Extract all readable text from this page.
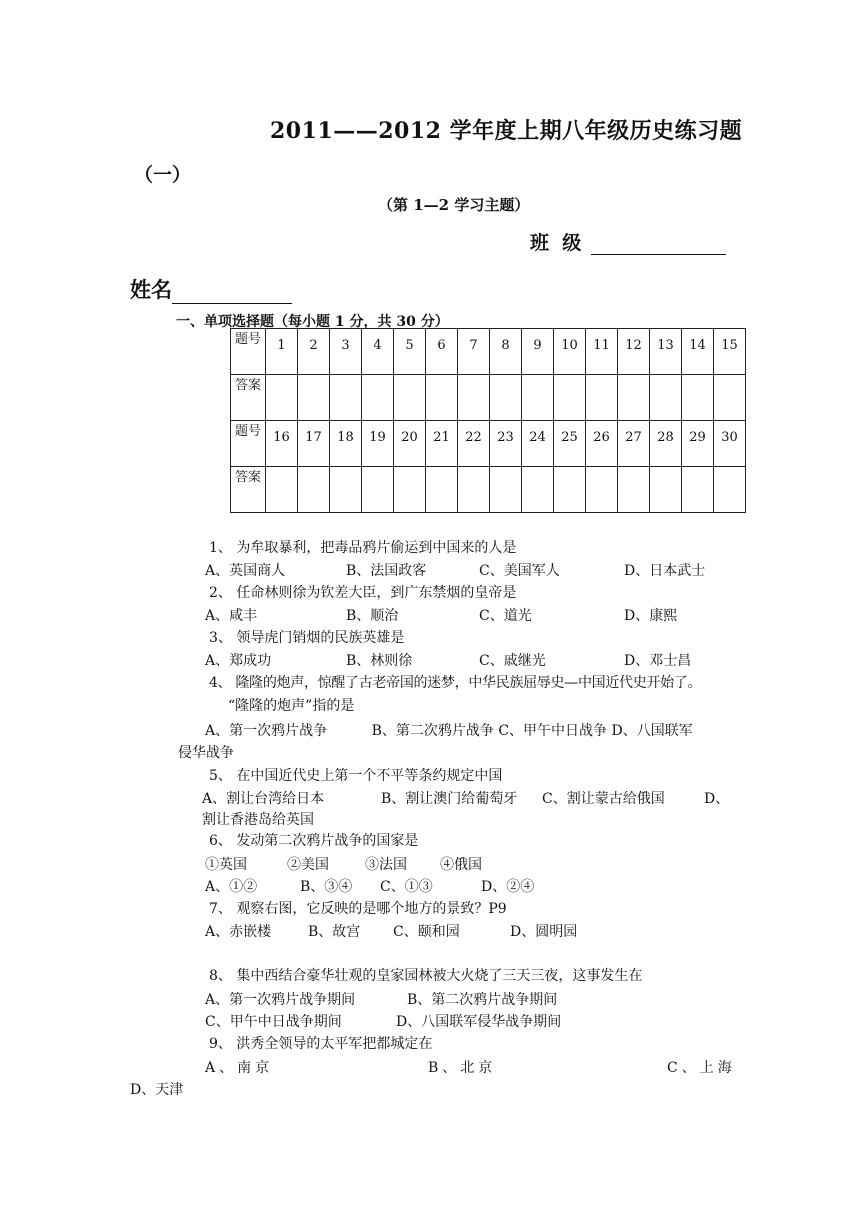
2011——2012 学年度上期八年级历史练习题
（一）
（第 1—2 学习主题）
班  级
姓名
一、单项选择题（每小题 1 分，共 30 分）
题号	1	2	3	4	5	6	7	8	9	10	11	12	13	14	15
答案															
题号	16	17	18	19	20	21	22	23	24	25	26	27	28	29	30
答案															
1、 为牟取暴利，把毒品鸦片偷运到中国来的人是
A、英国商人	B、法国政客	C、美国军人	D、日本武士
2、 任命林则徐为钦差大臣，到广东禁烟的皇帝是
A、咸丰	B、顺治	C、道光	D、康熙
3、 领导虎门销烟的民族英雄是
A、郑成功	B、林则徐	C、戚继光	D、邓士昌
4、 隆隆的炮声，惊醒了古老帝国的迷梦，中华民族屈辱史—中国近代史开始了。
“隆隆的炮声”指的是
A、第一次鸦片战争          B、第二次鸦片战争 C、甲午中日战争 D、八国联军
侵华战争
5、 在中国近代史上第一个不平等条约规定中国
A、割让台湾给日本	B、割让澳门给葡萄牙 C、割让蒙古给俄国	D、
割让香港岛给英国
6、 发动第二次鸦片战争的国家是
①英国	②美国	③法国 ④俄国
A、①②	B、③④ C、①③	D、②④
7、 观察右图，它反映的是哪个地方的景致？P9
A、赤嵌楼	B、故宫 C、颐和园	D、圆明园
8、 集中西结合豪华壮观的皇家园林被大火烧了三天三夜，这事发生在
A、第一次鸦片战争期间	B、第二次鸦片战争期间
C、甲午中日战争期间	D、八国联军侵华战争期间
9、 洪秀全领导的太平军把都城定在
A、南京	B、北京	C、上海
D、天津
